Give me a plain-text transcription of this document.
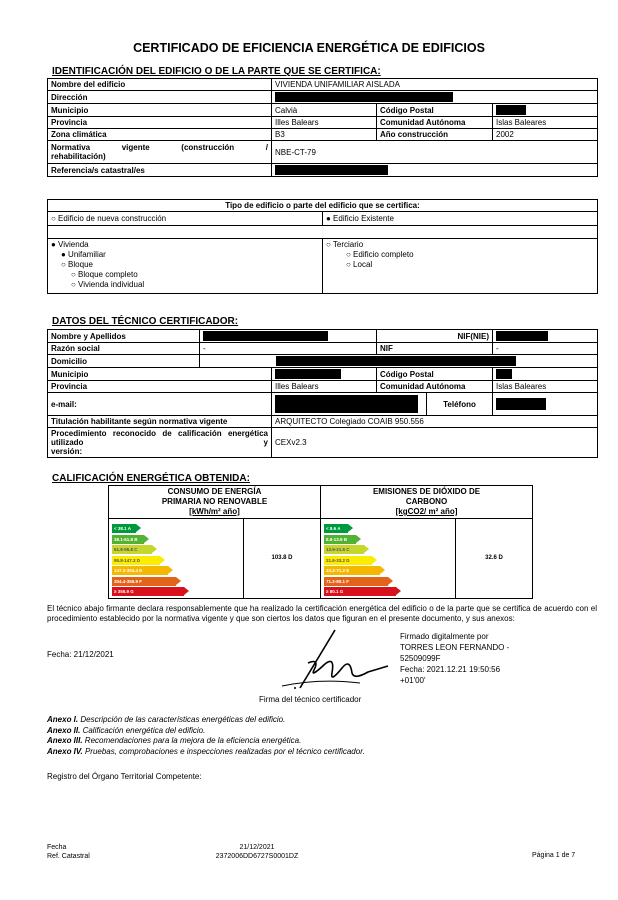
CERTIFICADO DE EFICIENCIA ENERGÉTICA DE EDIFICIOS
IDENTIFICACIÓN DEL EDIFICIO O DE LA PARTE QUE SE CERTIFICA:
Nombre del edificio	VIVIENDA UNIFAMILIAR AISLADA
Dirección	
Municipio	Calvià	Código Postal	
Provincia	Illes Balears	Comunidad Autónoma	Islas Baleares
Zona climática	B3	Año construcción	2002

Normativa vigente (construcción /
rehabilitación)	NBE-CT-79
Referencia/s catastral/es	
Tipo de edificio o parte del edificio que se certifica:
○ Edificio de nueva construcción	● Edificio Existente

● Vivienda
● Unifamiliar
○ Bloque
○ Bloque completo
○ Vivienda individual

○ Terciario
○ Edificio completo
○ Local
DATOS DEL TÉCNICO CERTIFICADOR:
Nombre y Apellidos		NIF(NIE)	
Razón social	-	NIF	-
Domicilio	
Municipio		Código Postal	
Provincia	Illes Balears	Comunidad Autónoma	Islas Baleares
e-mail:		Teléfono	
Titulación habilitante según normativa vigente	ARQUITECTO Colegiado COAIB 950.556

Procedimiento reconocido de calificación energética utilizado y
versión:
	CEXv2.3
CALIFICACIÓN ENERGÉTICA OBTENIDA:
CONSUMO DE ENERGÍA
PRIMARIA NO RENOVABLE
[kWh/m² año]

EMISIONES DE DIÓXIDO DE
CARBONO
[kgCO2/ m² año]

< 38.1 A
38.1-61.8 B
61.8-95.8 C
95.8-147.3 D
147.3-304.4 E
304.4-355.9 F
≥ 355.9 G
	103.8 D	
< 8.6 A
8.6-13.9 B
13.9-21.6 C
21.6-33.2 D
33.2-71.2 E
71.2-80.1 F
≥ 80.1 G
	32.6 D
El técnico abajo firmante declara responsablemente que ha realizado la certificación energética del edificio o de la parte que se certifica de acuerdo con el procedimiento establecido por la normativa vigente y que son ciertos los datos que figuran en el presente documento, y sus anexos:
Fecha: 21/12/2021
Firmado digitalmente por
TORRES LEON FERNANDO -
52509099F
Fecha: 2021.12.21 19:50:56
+01'00'
Firma del técnico certificador
Anexo I. Descripción de las características energéticas del edificio.
Anexo II. Calificación energética del edificio.
Anexo III. Recomendaciones para la mejora de la eficiencia energética.
Anexo IV. Pruebas, comprobaciones e inspecciones realizadas por el técnico certificador.
Registro del Órgano Territorial Competente:
Fecha
Ref. Catastral
21/12/2021
2372006DD6727S0001DZ	Página 1 de 7
